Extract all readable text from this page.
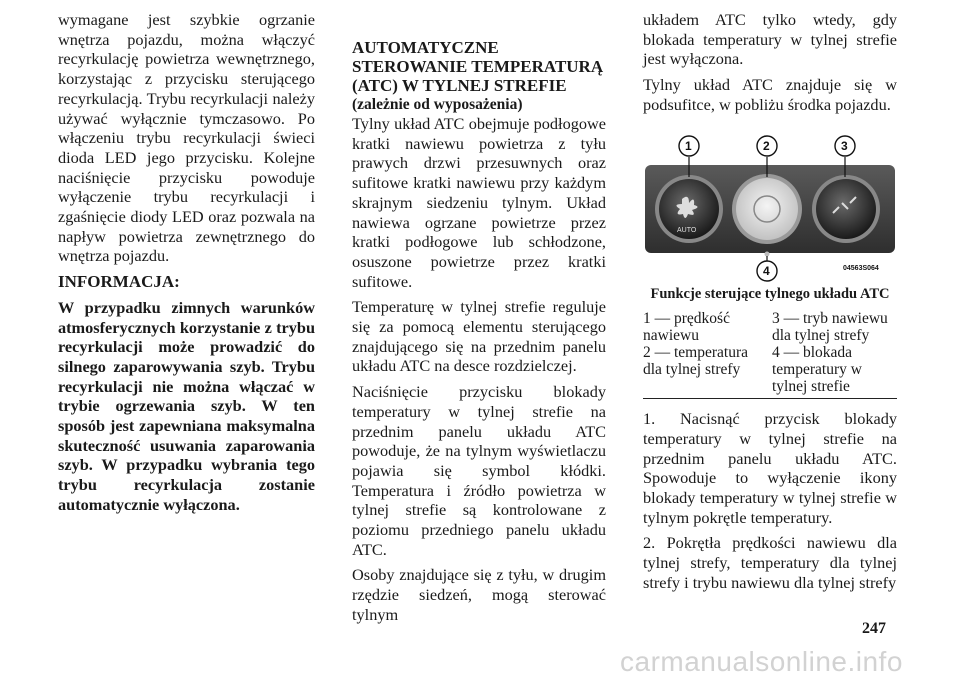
wymagane jest szybkie ogrzanie wnętrza pojazdu, można włączyć recyrkulację powietrza wewnętrznego, korzystając z przycisku sterującego recyrkulacją. Trybu recyrkulacji należy używać wyłącznie tymczasowo. Po włączeniu trybu recyrkulacji świeci dioda LED jego przycisku. Kolejne naciśnięcie przycisku powoduje wyłączenie trybu recyrkulacji i zgaśnięcie diody LED oraz pozwala na napływ powietrza zewnętrznego do wnętrza pojazdu.

INFORMACJA:

W przypadku zimnych warunków atmosferycznych korzystanie z trybu recyrkulacji może prowadzić do silnego zaparowywania szyb. Trybu recyrkulacji nie można włączać w trybie ogrzewania szyb. W ten sposób jest zapewniana maksymalna skuteczność usuwania zaparowania szyb. W przypadku wybrania tego trybu recyrkulacja zostanie automatycznie wyłączona.

AUTOMATYCZNE STEROWANIE TEMPERATURĄ (ATC) W TYLNEJ STREFIE
(zależnie od wyposażenia)

Tylny układ ATC obejmuje podłogowe kratki nawiewu powietrza z tyłu prawych drzwi przesuwnych oraz sufitowe kratki nawiewu przy każdym skrajnym siedzeniu tylnym. Układ nawiewa ogrzane powietrze przez kratki podłogowe lub schłodzone, osuszone powietrze przez kratki sufitowe.

Temperaturę w tylnej strefie reguluje się za pomocą elementu sterującego znajdującego się na przednim panelu układu ATC na desce rozdzielczej.

Naciśnięcie przycisku blokady temperatury w tylnej strefie na przednim panelu układu ATC powoduje, że na tylnym wyświetlaczu pojawia się symbol kłódki. Temperatura i źródło powietrza w tylnej strefie są kontrolowane z poziomu przedniego panelu układu ATC.

Osoby znajdujące się z tyłu, w drugim rzędzie siedzeń, mogą sterować tylnym

układem ATC tylko wtedy, gdy blokada temperatury w tylnej strefie jest wyłączona.

Tylny układ ATC znajduje się w podsufitce, w pobliżu środka pojazdu.

AUTO
1	2	3
4	04563S064
Funkcje sterujące tylnego układu ATC
1 — prędkość
nawiewu
2 — temperatura
dla tylnej strefy
3 — tryb nawiewu
dla tylnej strefy
4 — blokada
temperatury w
tylnej strefie

1. Nacisnąć przycisk blokady temperatury w tylnej strefie na przednim panelu układu ATC. Spowoduje to wyłączenie ikony blokady temperatury w tylnej strefie w tylnym pokrętle temperatury.

2. Pokrętła prędkości nawiewu dla tylnej strefy, temperatury dla tylnej strefy i trybu nawiewu dla tylnej strefy

247
carmanualsonline.info
